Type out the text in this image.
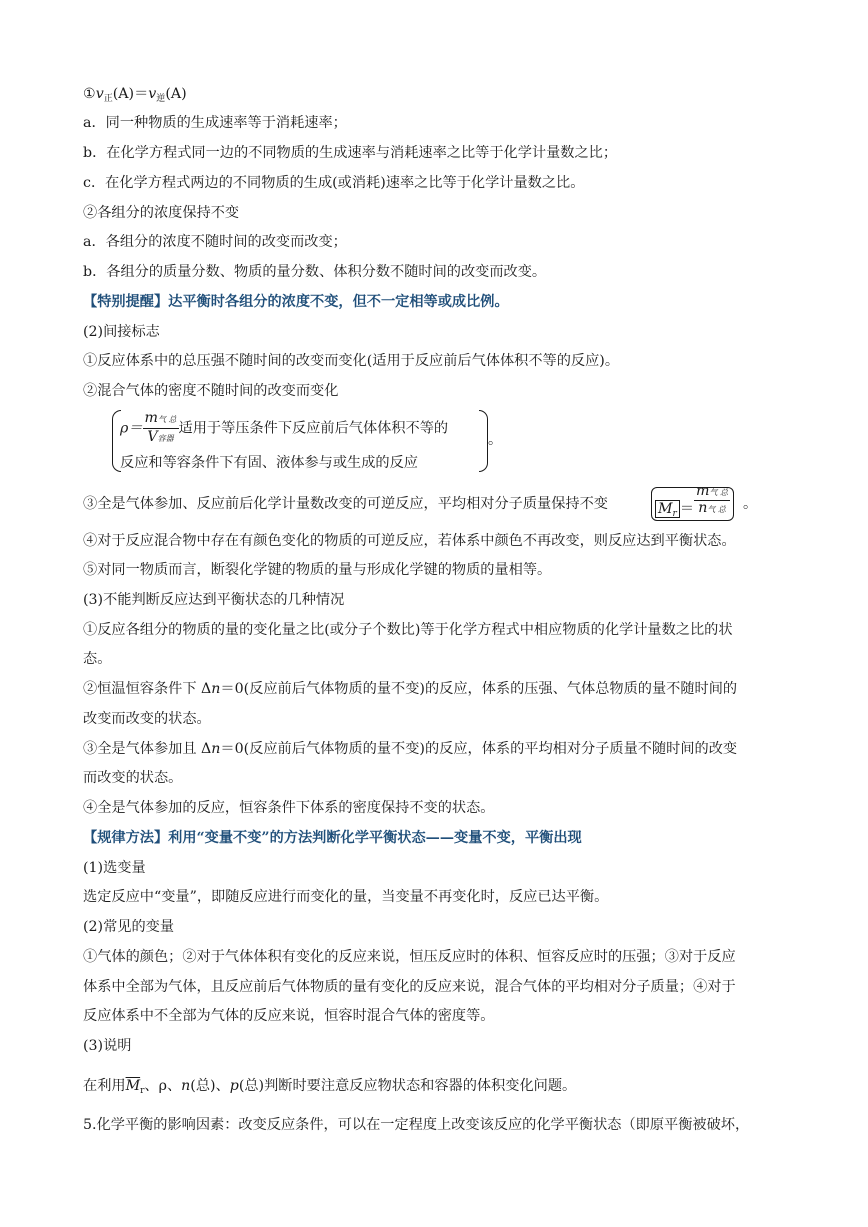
$①v_正(A)=v_逆(A)$
a．同一种物质的生成速率等于消耗速率；
b．在化学方程式同一边的不同物质的生成速率与消耗速率之比等于化学计量数之比；
c．在化学方程式两边的不同物质的生成(或消耗)速率之比等于化学计量数之比。
②各组分的浓度保持不变
a．各组分的浓度不随时间的改变而改变；
b．各组分的质量分数、物质的量分数、体积分数不随时间的改变而改变。
【特别提醒】达平衡时各组分的浓度不变，但不一定相等或成比例。
(2)间接标志
①反应体系中的总压强不随时间的改变而变化(适用于反应前后气体体积不等的反应)。
②混合气体的密度不随时间的改变而变化
$\rho= \frac{\text{m气 总}}{\text{V容器}}$ 适用于等压条件下反应前后气体体积不等的
反应和等容条件下有固、液体参与或生成的反应
。
③全是气体参加、反应前后化学计量数改变的可逆反应，平均相对分子质量保持不变	$M_r = \frac{\text{m气 总}}{\text{n气 总}}$ 。
④对于反应混合物中存在有颜色变化的物质的可逆反应，若体系中颜色不再改变，则反应达到平衡状态。
⑤对同一物质而言，断裂化学键的物质的量与形成化学键的物质的量相等。
(3)不能判断反应达到平衡状态的几种情况
①反应各组分的物质的量的变化量之比(或分子个数比)等于化学方程式中相应物质的化学计量数之比的状
态。
②恒温恒容条件下 Δn＝0(反应前后气体物质的量不变)的反应，体系的压强、气体总物质的量不随时间的
改变而改变的状态。
③全是气体参加且 Δn＝0(反应前后气体物质的量不变)的反应，体系的平均相对分子质量不随时间的改变
而改变的状态。
④全是气体参加的反应，恒容条件下体系的密度保持不变的状态。
【规律方法】利用“变量不变”的方法判断化学平衡状态——变量不变，平衡出现
(1)选变量
选定反应中“变量”，即随反应进行而变化的量，当变量不再变化时，反应已达平衡。
(2)常见的变量
①气体的颜色；②对于气体体积有变化的反应来说，恒压反应时的体积、恒容反应时的压强；③对于反应
体系中全部为气体，且反应前后气体物质的量有变化的反应来说，混合气体的平均相对分子质量；④对于
反应体系中不全部为气体的反应来说，恒容时混合气体的密度等。
(3)说明
在利用$\overline{M}_r$、ρ、n(总)、p(总)判断时要注意反应物状态和容器的体积变化问题。
5.化学平衡的影响因素：改变反应条件，可以在一定程度上改变该反应的化学平衡状态（即原平衡被破坏，
